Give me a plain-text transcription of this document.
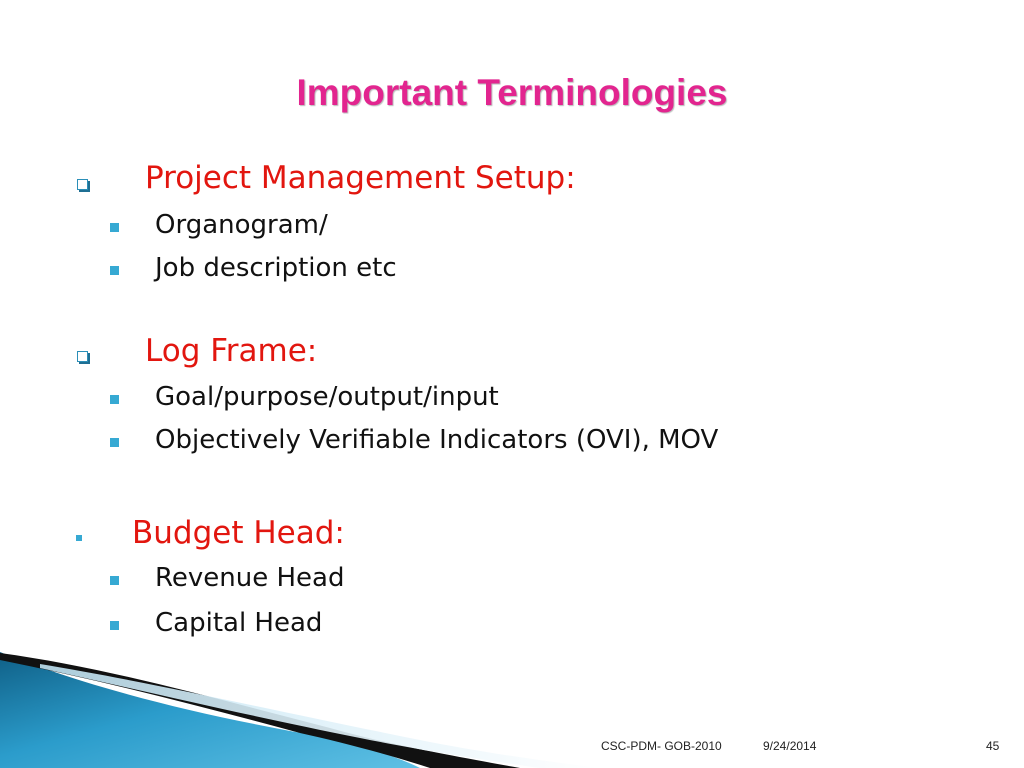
Important Terminologies
Project Management Setup:
Organogram/
Job description etc
Log Frame:
Goal/purpose/output/input
Objectively Verifiable Indicators (OVI), MOV
Budget Head:
Revenue Head
Capital Head
CSC-PDM- GOB-2010	9/24/2014	45
